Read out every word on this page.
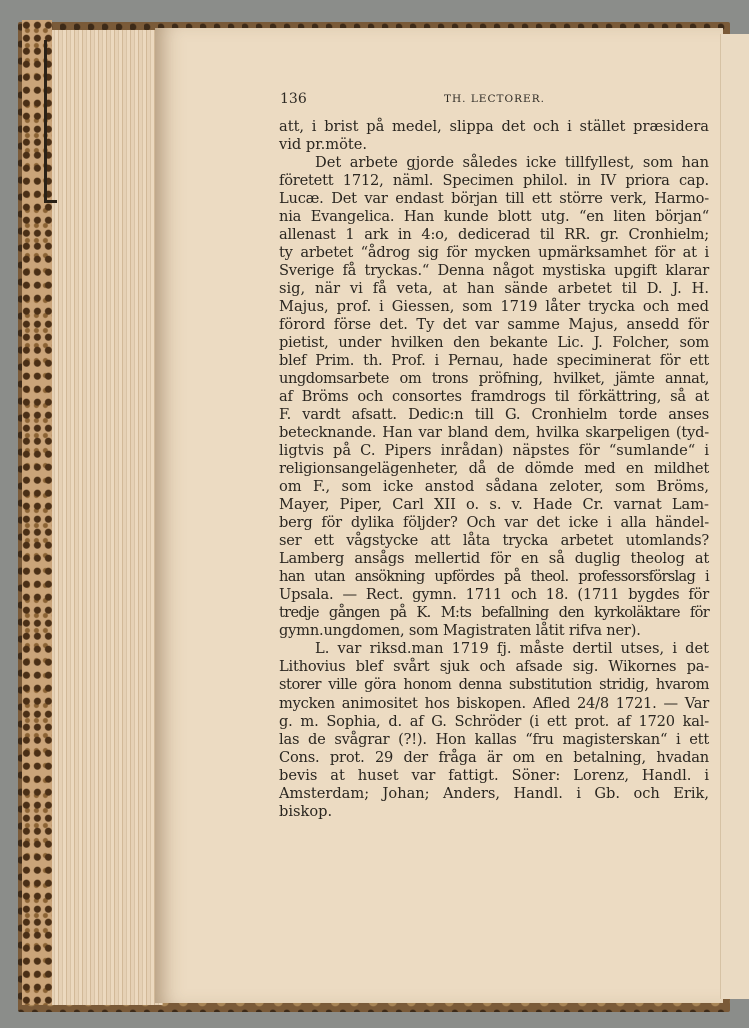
136	TH. LECTORER.
att, i brist på medel, slippa det och i stället præsidera
vid pr.möte.
Det arbete gjorde således icke tillfyllest, som han
företett 1712, näml. Specimen philol. in IV priora cap.
Lucæ. Det var endast början till ett större verk, Harmo-
nia Evangelica. Han kunde blott utg. “en liten början“
allenast 1 ark in 4:o, dedicerad til RR. gr. Cronhielm;
ty arbetet “ådrog sig för mycken upmärksamhet för at i
Sverige få tryckas.“ Denna något mystiska upgift klarar
sig, när vi få veta, at han sände arbetet til D. J. H.
Majus, prof. i Giessen, som 1719 låter trycka och med
förord förse det. Ty det var samme Majus, ansedd för
pietist, under hvilken den bekante Lic. J. Folcher, som
blef Prim. th. Prof. i Pernau, hade speciminerat för ett
ungdomsarbete om trons pröfning, hvilket, jämte annat,
af Bröms och consortes framdrogs til förkättring, så at
F. vardt afsatt. Dedic:n till G. Cronhielm torde anses
betecknande. Han var bland dem, hvilka skarpeligen (tyd-
ligtvis på C. Pipers inrådan) näpstes för “sumlande“ i
religionsangelägenheter, då de dömde med en mildhet
om F., som icke anstod sådana zeloter, som Bröms,
Mayer, Piper, Carl XII o. s. v. Hade Cr. varnat Lam-
berg för dylika följder? Och var det icke i alla händel-
ser ett vågstycke att låta trycka arbetet utomlands?
Lamberg ansågs mellertid för en så duglig theolog at
han utan ansökning upfördes på theol. professorsförslag i
Upsala. — Rect. gymn. 1711 och 18. (1711 bygdes för
tredje gången på K. M:ts befallning den kyrkoläktare för
gymn.ungdomen, som Magistraten låtit rifva ner).
L. var riksd.man 1719 fj. måste dertil utses, i det
Lithovius blef svårt sjuk och afsade sig. Wikornes pa-
storer ville göra honom denna substitution stridig, hvarom
mycken animositet hos biskopen. Afled 24/8 1721. — Var
g. m. Sophia, d. af G. Schröder (i ett prot. af 1720 kal-
las de svågrar (?!). Hon kallas “fru magisterskan“ i ett
Cons. prot. 29 der fråga är om en betalning, hvadan
bevis at huset var fattigt. Söner: Lorenz, Handl. i
Amsterdam; Johan; Anders, Handl. i Gb. och Erik,
biskop.
